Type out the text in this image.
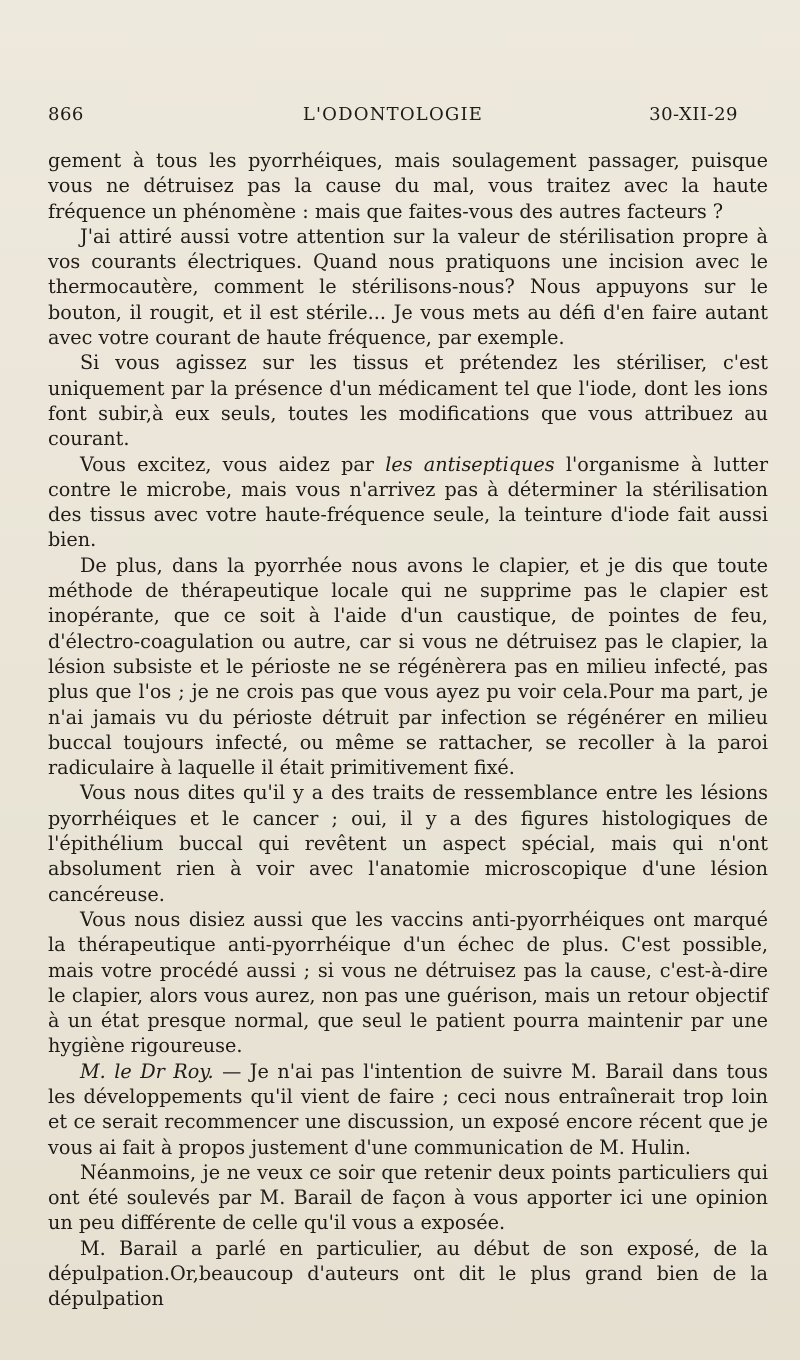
866	L'ODONTOLOGIE	30-XII-29

gement à tous les pyorrhéiques, mais soulagement passager, puisque vous ne détruisez pas la cause du mal, vous traitez avec la haute fréquence un phénomène : mais que faites-vous des autres facteurs ?

J'ai attiré aussi votre attention sur la valeur de stérilisation propre à vos courants électriques. Quand nous pratiquons une incision avec le thermocautère, comment le stérilisons-nous? Nous appuyons sur le bouton, il rougit, et il est stérile... Je vous mets au défi d'en faire autant avec votre courant de haute fréquence, par exemple.

Si vous agissez sur les tissus et prétendez les stériliser, c'est uniquement par la présence d'un médicament tel que l'iode, dont les ions font subir,à eux seuls, toutes les modifications que vous attribuez au courant.

Vous excitez, vous aidez par les antiseptiques l'organisme à lutter contre le microbe, mais vous n'arrivez pas à déterminer la stérilisation des tissus avec votre haute-fréquence seule, la teinture d'iode fait aussi bien.

De plus, dans la pyorrhée nous avons le clapier, et je dis que toute méthode de thérapeutique locale qui ne supprime pas le clapier est inopérante, que ce soit à l'aide d'un caustique, de pointes de feu, d'électro-coagulation ou autre, car si vous ne détruisez pas le clapier, la lésion subsiste et le périoste ne se régénèrera pas en milieu infecté, pas plus que l'os ; je ne crois pas que vous ayez pu voir cela.Pour ma part, je n'ai jamais vu du périoste détruit par infection se régénérer en milieu buccal toujours infecté, ou même se rattacher, se recoller à la paroi radiculaire à laquelle il était primitivement fixé.

Vous nous dites qu'il y a des traits de ressemblance entre les lésions pyorrhéiques et le cancer ; oui, il y a des figures histologiques de l'épithélium buccal qui revêtent un aspect spécial, mais qui n'ont absolument rien à voir avec l'anatomie microscopique d'une lésion cancéreuse.

Vous nous disiez aussi que les vaccins anti-pyorrhéiques ont marqué la thérapeutique anti-pyorrhéique d'un échec de plus. C'est possible, mais votre procédé aussi ; si vous ne détruisez pas la cause, c'est-à-dire le clapier, alors vous aurez, non pas une guérison, mais un retour objectif à un état presque normal, que seul le patient pourra maintenir par une hygiène rigoureuse.

M. le Dr Roy. — Je n'ai pas l'intention de suivre M. Barail dans tous les développements qu'il vient de faire ; ceci nous entraînerait trop loin et ce serait recommencer une discussion, un exposé encore récent que je vous ai fait à propos justement d'une communication de M. Hulin.

Néanmoins, je ne veux ce soir que retenir deux points particuliers qui ont été soulevés par M. Barail de façon à vous apporter ici une opinion un peu différente de celle qu'il vous a exposée.

M. Barail a parlé en particulier, au début de son exposé, de la dépulpation.Or,beaucoup d'auteurs ont dit le plus grand bien de la dépulpation
